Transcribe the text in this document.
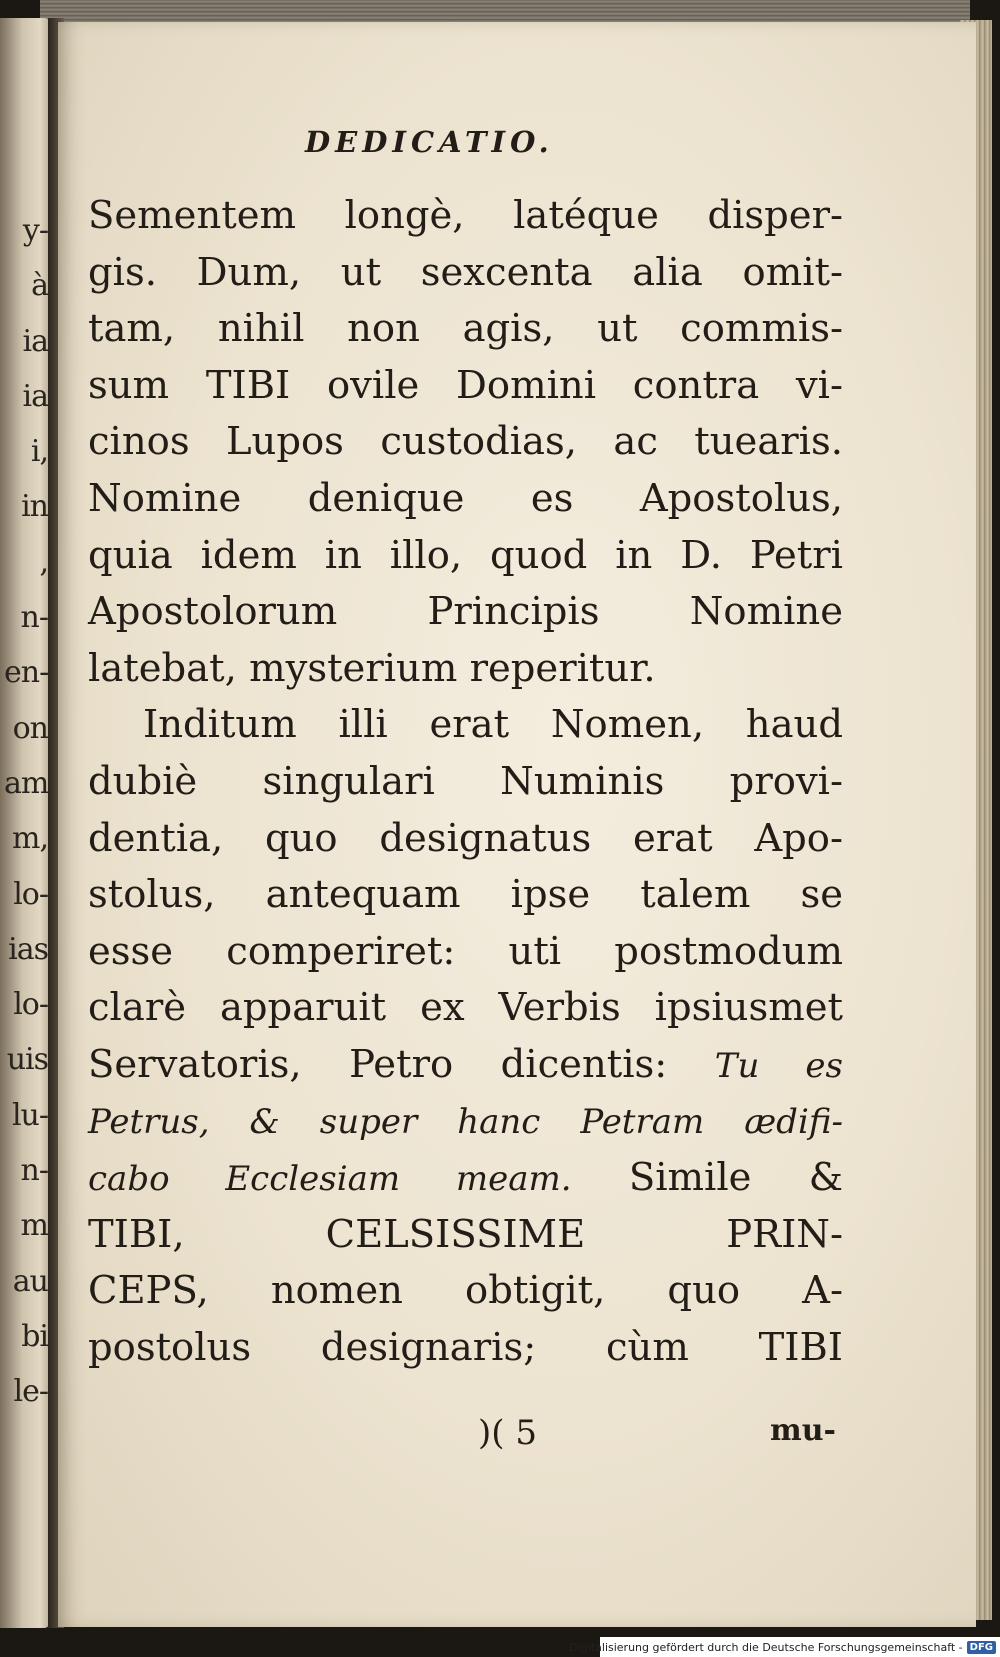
y-
à
ia
ia
i,
in
,
n-
en-
on
am
m,
lo-
ias
lo-
uis
lu-
n-
m
au
bi
le-
DEDICATIO.
Sementem longè, latéque disper-
gis. Dum, ut sexcenta alia omit-
tam, nihil non agis, ut commis-
sum TIBI ovile Domini contra vi-
cinos Lupos custodias, ac tuearis.
Nomine denique es Apostolus,
quia idem in illo, quod in D. Petri
Apostolorum Principis Nomine
latebat, mysterium reperitur.
Inditum illi erat Nomen, haud
dubiè singulari Numinis provi-
dentia, quo designatus erat Apo-
stolus, antequam ipse talem se
esse comperiret: uti postmodum
clarè apparuit ex Verbis ipsiusmet
Servatoris, Petro dicentis: Tu es
Petrus, & super hanc Petram ædifi-
cabo Ecclesiam meam. Simile &
TIBI, CELSISSIME PRIN-
CEPS, nomen obtigit, quo A-
postolus designaris; cùm TIBI
)( 5	mu-
Digitalisierung gefördert durch die Deutsche Forschungsgemeinschaft - DFG
